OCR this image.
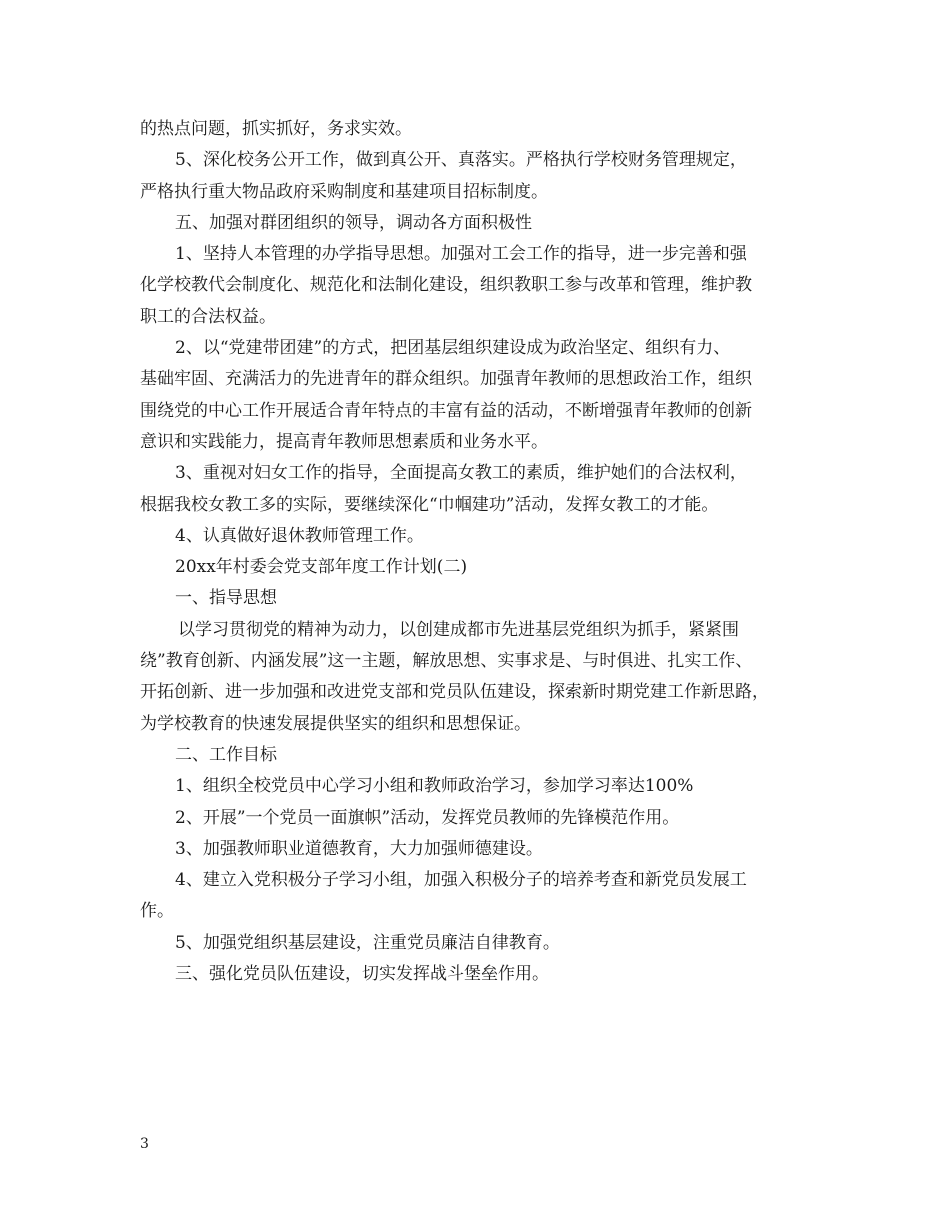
的热点问题，抓实抓好，务求实效。
5、深化校务公开工作，做到真公开、真落实。严格执行学校财务管理规定，
严格执行重大物品政府采购制度和基建项目招标制度。
五、加强对群团组织的领导，调动各方面积极性
1、坚持人本管理的办学指导思想。加强对工会工作的指导，进一步完善和强
化学校教代会制度化、规范化和法制化建设，组织教职工参与改革和管理，维护教
职工的合法权益。
2、以“党建带团建”的方式，把团基层组织建设成为政治坚定、组织有力、
基础牢固、充满活力的先进青年的群众组织。加强青年教师的思想政治工作，组织
围绕党的中心工作开展适合青年特点的丰富有益的活动，不断增强青年教师的创新
意识和实践能力，提高青年教师思想素质和业务水平。
3、重视对妇女工作的指导，全面提高女教工的素质，维护她们的合法权利，
根据我校女教工多的实际，要继续深化“巾帼建功”活动，发挥女教工的才能。
4、认真做好退休教师管理工作。
20xx年村委会党支部年度工作计划(二)
一、指导思想
以学习贯彻党的精神为动力，以创建成都市先进基层党组织为抓手，紧紧围
绕”教育创新、内涵发展”这一主题，解放思想、实事求是、与时俱进、扎实工作、
开拓创新、进一步加强和改进党支部和党员队伍建设，探索新时期党建工作新思路，
为学校教育的快速发展提供坚实的组织和思想保证。
二、工作目标
1、组织全校党员中心学习小组和教师政治学习，参加学习率达100%
2、开展”一个党员一面旗帜”活动，发挥党员教师的先锋模范作用。
3、加强教师职业道德教育，大力加强师德建设。
4、建立入党积极分子学习小组，加强入积极分子的培养考查和新党员发展工
作。
5、加强党组织基层建设，注重党员廉洁自律教育。
三、强化党员队伍建设，切实发挥战斗堡垒作用。
3
